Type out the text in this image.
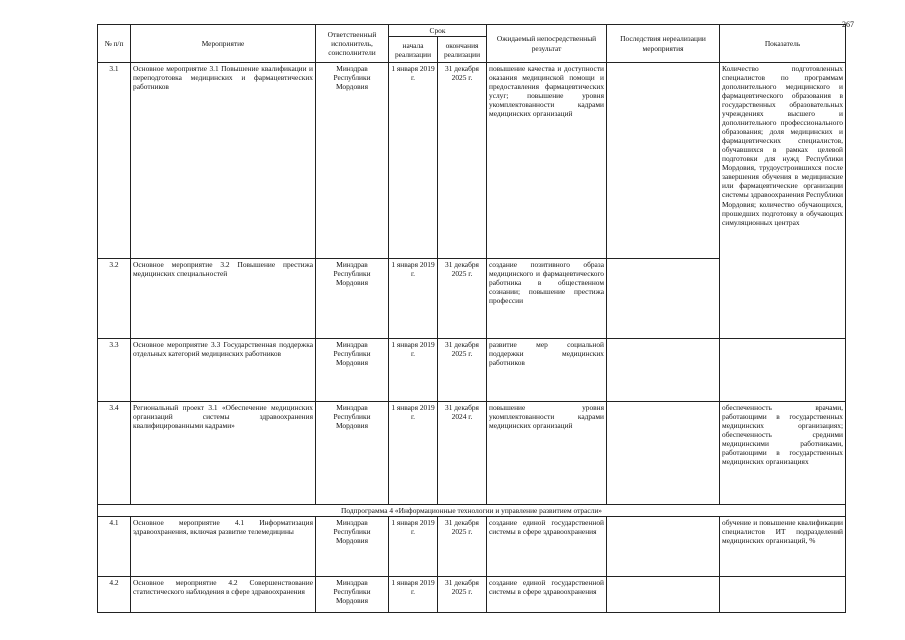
267
№ п/п	Мероприятие	Ответственный исполнитель, соисполнители	Срок		Ожидаемый непосредственный результат	Последствия нереализации мероприятия	Показатель
			начала реализации	окончания реализации			
3.1	Основное мероприятие 3.1 Повышение квалификации и переподготовка медицинских и фармацевтических работников	Минздрав Республики Мордовия	1 января 2019 г.	31 декабря 2025 г.	повышение качества и доступности оказания медицинской помощи и предоставления фармацевтических услуг; повышение уровня укомплектованности кадрами медицинских организаций		Количество подготовленных специалистов по программам дополнительного медицинского и фармацевтического образования в государственных образовательных учреждениях высшего и дополнительного профессионального образования; доля медицинских и фармацевтических специалистов, обучавшихся в рамках целевой подготовки для нужд Республики Мордовия, трудоустроившихся после завершения обучения в медицинские или фармацевтические организации системы здравоохранения Республики Мордовия; количество обучающихся, прошедших подготовку в обучающих симуляционных центрах
3.2	Основное мероприятие 3.2 Повышение престижа медицинских специальностей	Минздрав Республики Мордовия	1 января 2019 г.	31 декабря 2025 г.	создание позитивного образа медицинского и фармацевтического работника в общественном сознании; повышение престижа профессии		
3.3	Основное мероприятие 3.3 Государственная поддержка отдельных категорий медицинских работников	Минздрав Республики Мордовия	1 января 2019 г.	31 декабря 2025 г.	развитие мер социальной поддержки медицинских работников		
3.4	Региональный проект 3.1 «Обеспечение медицинских организаций системы здравоохранения квалифицированными кадрами»	Минздрав Республики Мордовия	1 января 2019 г.	31 декабря 2024 г.	повышение уровня укомплектованности кадрами медицинских организаций		обеспеченность врачами, работающими в государственных медицинских организациях; обеспеченность средними медицинскими работниками, работающими в государственных медицинских организациях
Подпрограмма 4 «Информационные технологии и управление развитием отрасли»							
4.1	Основное мероприятие 4.1 Информатизация здравоохранения, включая развитие телемедицины	Минздрав Республики Мордовия	1 января 2019 г.	31 декабря 2025 г.	создание единой государственной системы в сфере здравоохранения		обучение и повышение квалификации специалистов ИТ подразделений медицинских организаций, %
4.2	Основное мероприятие 4.2 Совершенствование статистического наблюдения в сфере здравоохранения	Минздрав Республики Мордовия	1 января 2019 г.	31 декабря 2025 г.	создание единой государственной системы в сфере здравоохранения		
